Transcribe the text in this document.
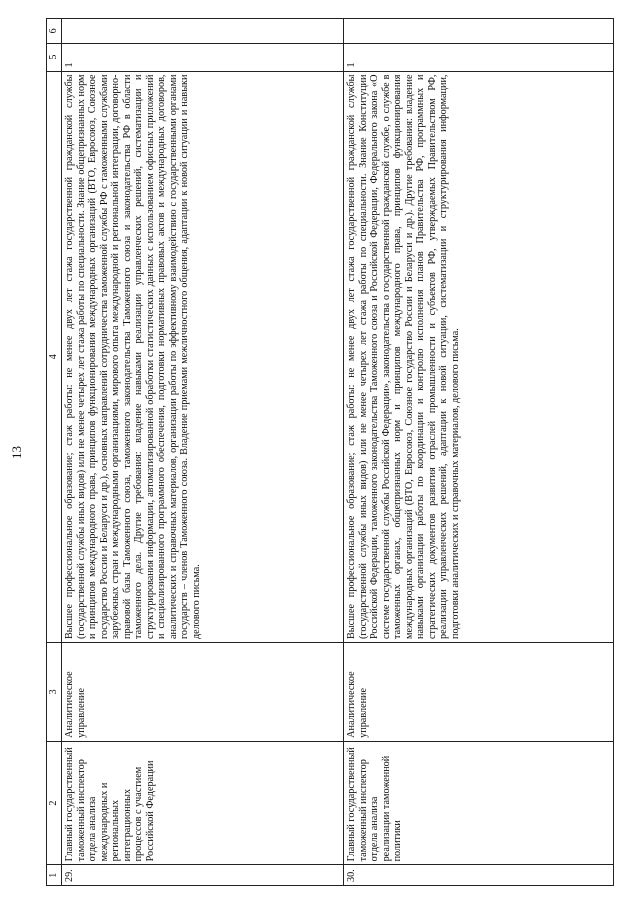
13
1	2	3	4	5	6
29.	Главный государственный таможенный инспектор отдела анализа международных и региональных интеграционных процессов с участием Российской Федерации	Аналитическое управление	Высшее профессиональное образование; стаж работы: не менее двух лет стажа государственной гражданской службы (государственной службы иных видов) или не менее четырех лет стажа работы по специальности. Знание общепризнанных норм и принципов международного права, принципов функционирования международных организаций (ВТО, Евросоюз, Союзное государство России и Беларуси и др.), основных направлений сотрудничества таможенной службы РФ с таможенными службами зарубежных стран и международными организациями, мирового опыта международной и региональной интеграции, договорно-правовой базы Таможенного союза, таможенного законодательства Таможенного союза и законодательства РФ в области таможенного дела. Другие требования: владение навыками реализации управленческих решений, систематизации и структурирования информации, автоматизированной обработки статистических данных с использованием офисных приложений и специализированного программного обеспечения, подготовки нормативных правовых актов и международных договоров, аналитических и справочных материалов, организации работы по эффективному взаимодействию с государственными органами государств – членов Таможенного союза. Владение приемами межличностного общения, адаптации к новой ситуации и навыки делового письма.	1	
30.	Главный государственный таможенный инспектор отдела анализа реализации таможенной политики	Аналитическое управление	Высшее профессиональное образование; стаж работы: не менее двух лет стажа государственной гражданской службы (государственной службы иных видов) или не менее четырех лет стажа работы по специальности. Знание Конституции Российской Федерации, таможенного законодательства Таможенного союза и Российской Федерации, Федерального закона «О системе государственной службы Российской Федерации», законодательства о государственной гражданской службе, о службе в таможенных органах, общепризнанных норм и принципов международного права, принципов функционирования международных организаций (ВТО, Евросоюз, Союзное государство России и Беларуси и др.). Другие требования: владение навыками организации работы по координации и контролю исполнения планов Правительства РФ, программных и стратегических документов развития отраслей промышленности и субъектов РФ, утверждаемых Правительством РФ, реализации управленческих решений, адаптации к новой ситуации, систематизации и структурирования информации, подготовки аналитических и справочных материалов, делового письма.	1	
